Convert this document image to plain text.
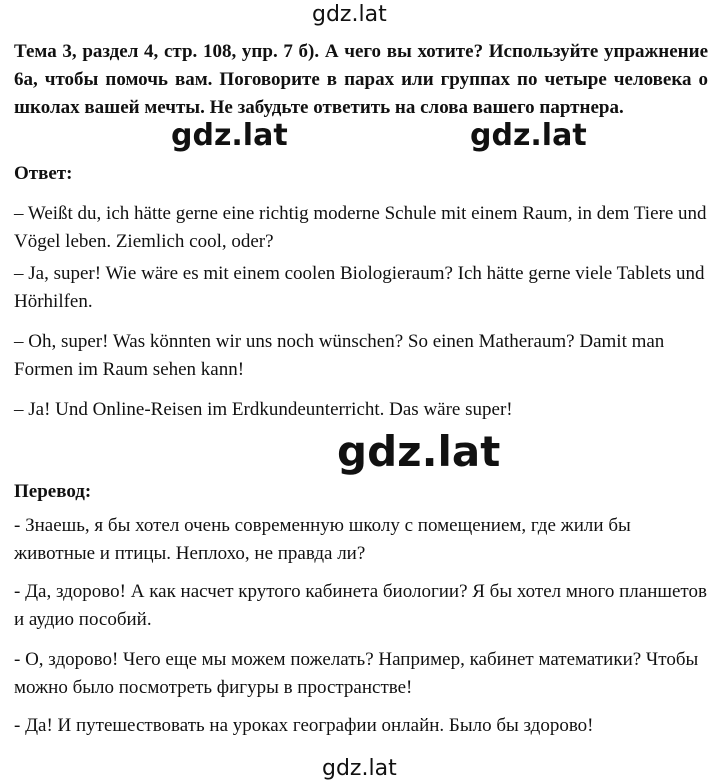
gdz.lat

Тема 3, раздел 4, стр. 108, упр. 7 б). А чего вы хотите? Используйте упражнение 6a, чтобы помочь вам. Поговорите в парах или группах по четыре человека о школах вашей мечты. Не забудьте ответить на слова вашего партнера.

gdz.lat	gdz.lat

Ответ:

– Weißt du, ich hätte gerne eine richtig moderne Schule mit einem Raum, in dem Tiere und Vögel leben. Ziemlich cool, oder?

– Ja, super! Wie wäre es mit einem coolen Biologieraum? Ich hätte gerne viele Tablets und Hörhilfen.

– Oh, super! Was könnten wir uns noch wünschen? So einen Matheraum? Damit man Formen im Raum sehen kann!

– Ja! Und Online-Reisen im Erdkundeunterricht. Das wäre super!

gdz.lat

Перевод:

- Знаешь, я бы хотел очень современную школу с помещением, где жили бы животные и птицы. Неплохо, не правда ли?

- Да, здорово! А как насчет крутого кабинета биологии? Я бы хотел много планшетов и аудио пособий.

- О, здорово! Чего еще мы можем пожелать? Например, кабинет математики? Чтобы можно было посмотреть фигуры в пространстве!

- Да! И путешествовать на уроках географии онлайн. Было бы здорово!

gdz.lat
